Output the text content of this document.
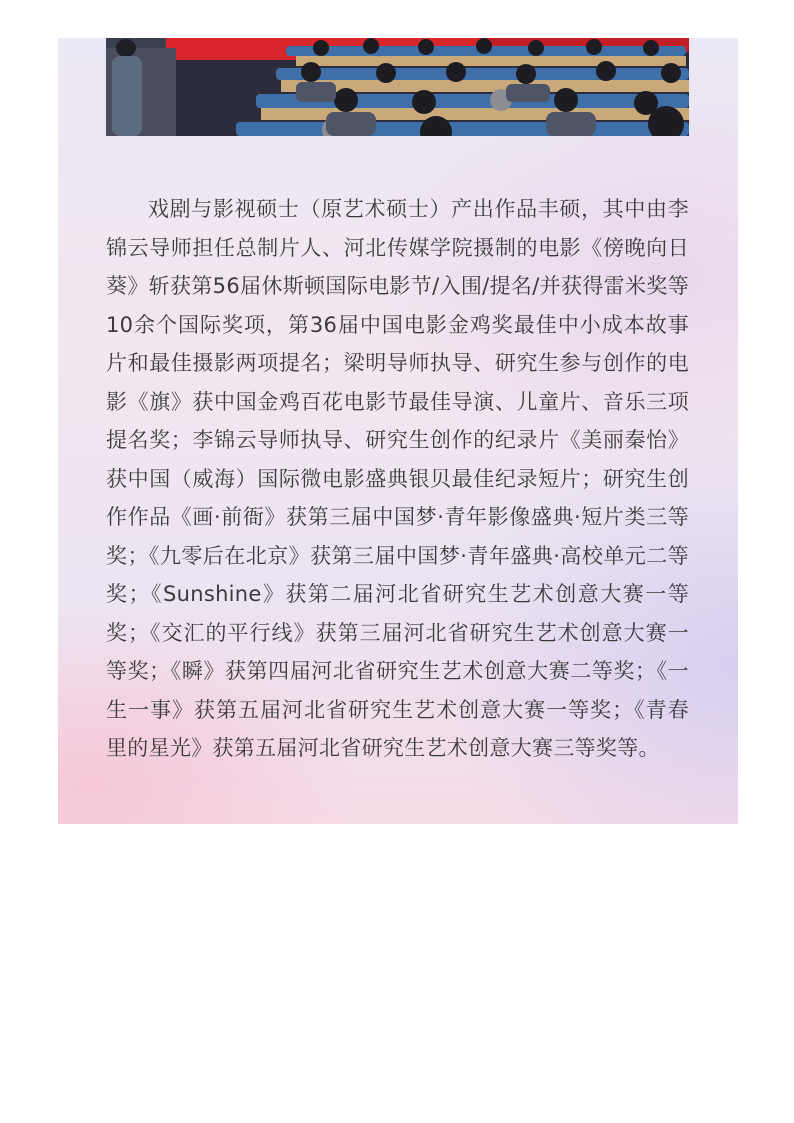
戏剧与影视硕士（原艺术硕士）产出作品丰硕，其中由李锦云导师担任总制片人、河北传媒学院摄制的电影《傍晚向日葵》斩获第56届休斯顿国际电影节/入围/提名/并获得雷米奖等10余个国际奖项，第36届中国电影金鸡奖最佳中小成本故事片和最佳摄影两项提名；梁明导师执导、研究生参与创作的电影《旗》获中国金鸡百花电影节最佳导演、儿童片、音乐三项提名奖；李锦云导师执导、研究生创作的纪录片《美丽秦怡》获中国（威海）国际微电影盛典银贝最佳纪录短片；研究生创作作品《画·前衙》获第三届中国梦·青年影像盛典·短片类三等奖；《九零后在北京》获第三届中国梦·青年盛典·高校单元二等奖；《Sunshine》获第二届河北省研究生艺术创意大赛一等奖；《交汇的平行线》获第三届河北省研究生艺术创意大赛一等奖；《瞬》获第四届河北省研究生艺术创意大赛二等奖；《一生一事》获第五届河北省研究生艺术创意大赛一等奖；《青春里的星光》获第五届河北省研究生艺术创意大赛三等奖等。
